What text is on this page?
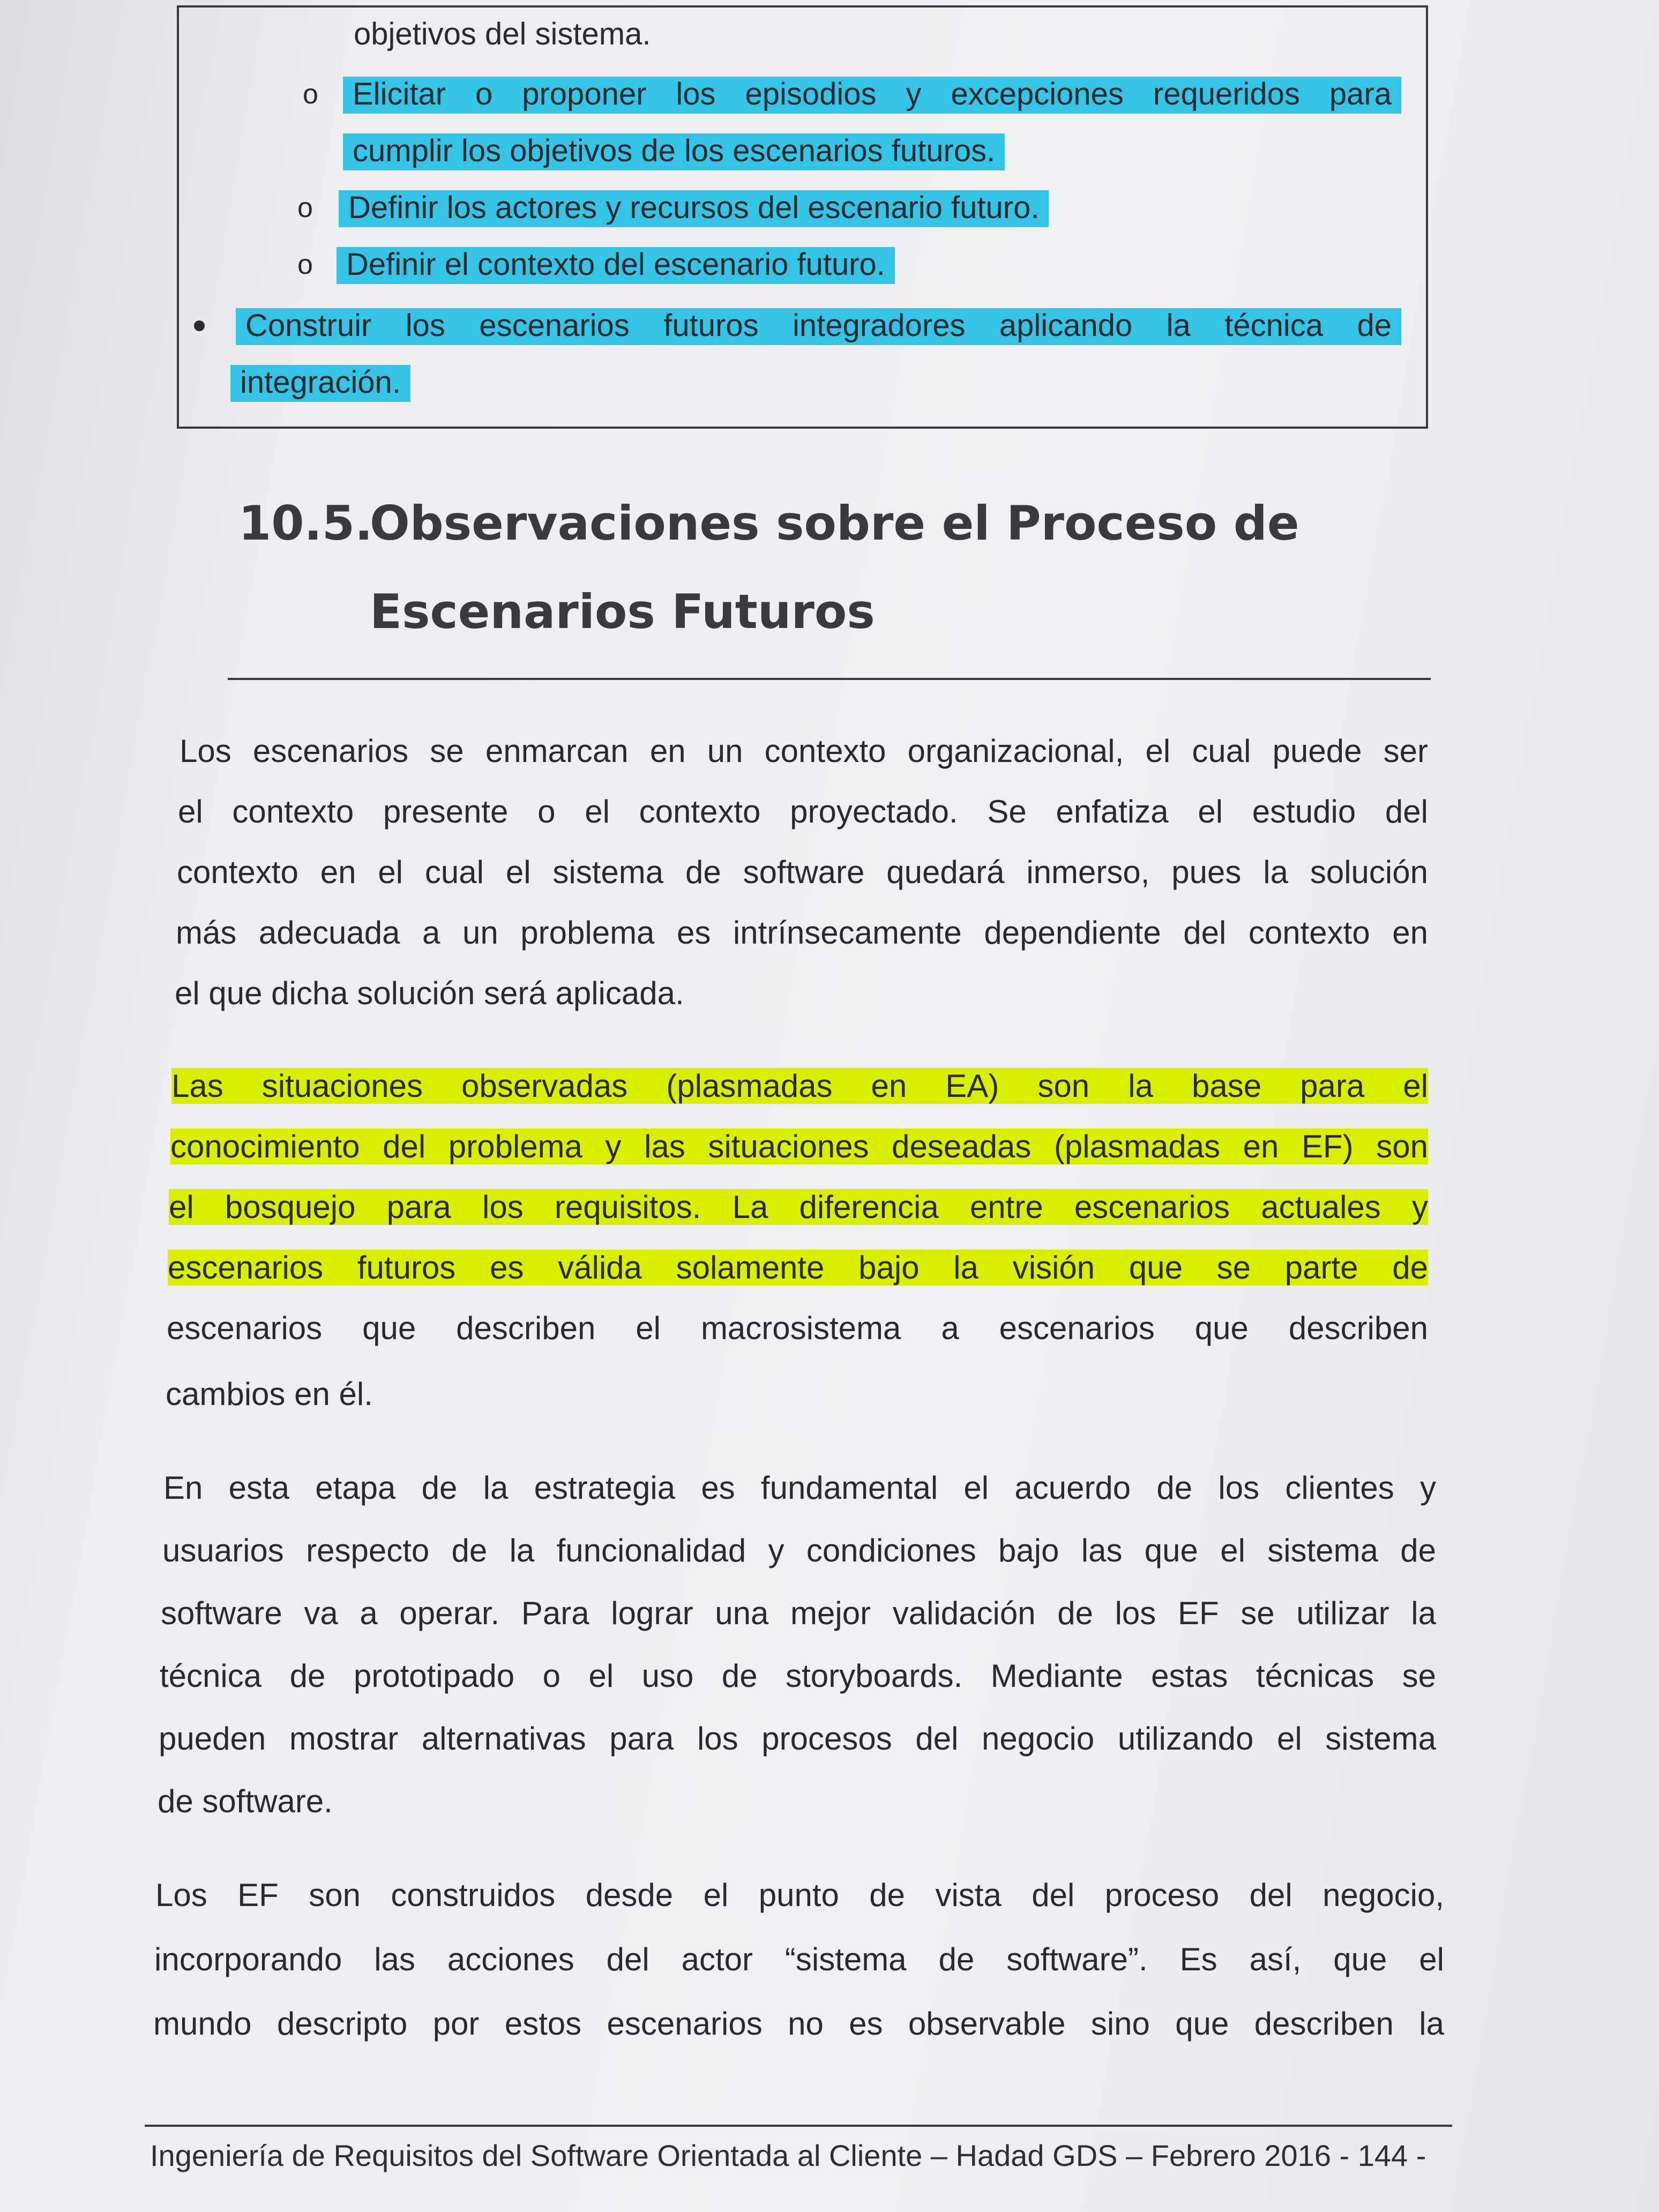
objetivos del sistema.
o	Elicitar o proponer los episodios y excepciones requeridos para
cumplir los objetivos de los escenarios futuros.
o	Definir los actores y recursos del escenario futuro.
o	Definir el contexto del escenario futuro.
Construir los escenarios futuros integradores aplicando la técnica de
integración.
10.5.
Observaciones sobre el Proceso de
Escenarios Futuros
Los escenarios se enmarcan en un contexto organizacional, el cual puede ser
el contexto presente o el contexto proyectado. Se enfatiza el estudio del
contexto en el cual el sistema de software quedará inmerso, pues la solución
más adecuada a un problema es intrínsecamente dependiente del contexto en
el que dicha solución será aplicada.
Las situaciones observadas (plasmadas en EA) son la base para el
conocimiento del problema y las situaciones deseadas (plasmadas en EF) son
el bosquejo para los requisitos. La diferencia entre escenarios actuales y
escenarios futuros es válida solamente bajo la visión que se parte de
escenarios que describen el macrosistema a escenarios que describen
cambios en él.
En esta etapa de la estrategia es fundamental el acuerdo de los clientes y
usuarios respecto de la funcionalidad y condiciones bajo las que el sistema de
software va a operar. Para lograr una mejor validación de los EF se utilizar la
técnica de prototipado o el uso de storyboards. Mediante estas técnicas se
pueden mostrar alternativas para los procesos del negocio utilizando el sistema
de software.
Los EF son construidos desde el punto de vista del proceso del negocio,
incorporando las acciones del actor “sistema de software”. Es así, que el
mundo descripto por estos escenarios no es observable sino que describen la
Ingeniería de Requisitos del Software Orientada al Cliente – Hadad GDS – Febrero 2016 - 144 -
